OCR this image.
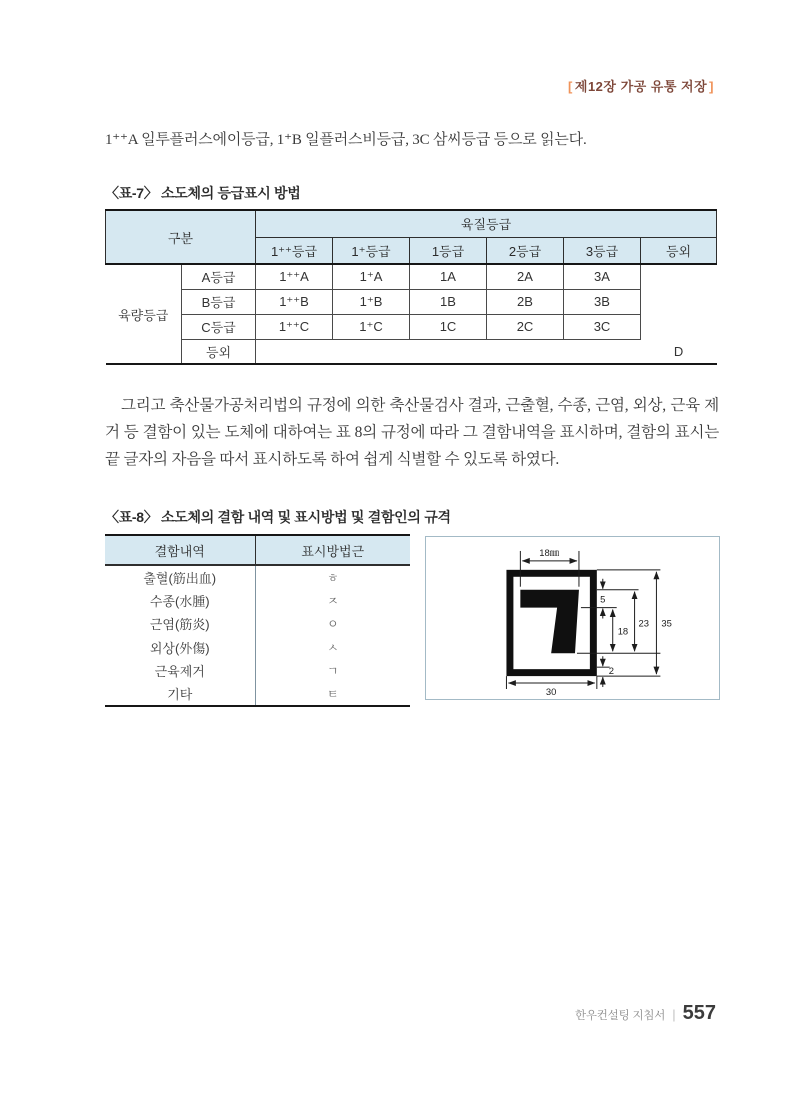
[ 제12장 가공 유통 저장 ]

1⁺⁺A 일투플러스에이등급, 1⁺B 일플러스비등급, 3C 삼씨등급 등으로 읽는다.

〈표-7〉 소도체의 등급표시 방법
구분		육질등급					
		1⁺⁺등급	1⁺등급	1등급	2등급	3등급	등외
육량등급	A등급	1⁺⁺A	1⁺A	1A	2A	3A	
	B등급	1⁺⁺B	1⁺B	1B	2B	3B	
	C등급	1⁺⁺C	1⁺C	1C	2C	3C	
	등외						D

그리고 축산물가공처리법의 규정에 의한 축산물검사 결과, 근출혈, 수종, 근염, 외상, 근육 제거 등 결함이 있는 도체에 대하여는 표 8의 규정에 따라 그 결함내역을 표시하며, 결함의 표시는 끝 글자의 자음을 따서 표시하도록 하여 쉽게 식별할 수 있도록 하였다.

〈표-8〉 소도체의 결함 내역 및 표시방법 및 결함인의 규격
결함내역	표시방법근
출혈(筋出血)	ㅎ
수종(水腫)	ㅈ
근염(筋炎)	ㅇ
외상(外傷)	ㅅ
근육제거	ㄱ
기타	ㅌ
18㎜
5
18
23 35
2
30
한우컨설팅 지침서 | 557
